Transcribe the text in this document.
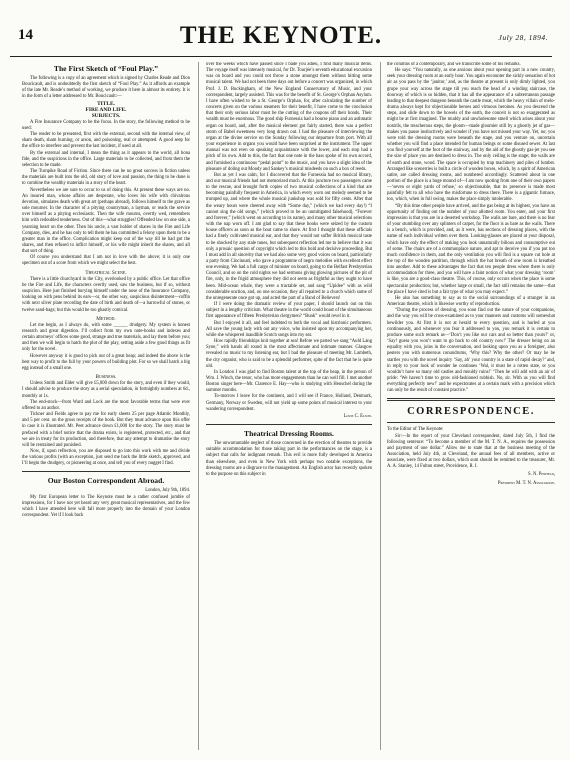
14	THE KEYNOTE.	July 28, 1894.
The First Sketch of “Foul Play.”

The following is a copy of an agreement which is signed by Charles Reade and Dion Boucicault, and is undoubtedly the first sketch of “Foul Play.” As it affords an example of the late Mr. Reade’s method of working, we produce it here in almost its entirety. It is in the form of a letter addressed to Mr. Boucicault:—

TITLE.
FIRE AND LIFE.
SUBJECTS.

A Fire Insurance Company to be the focus. In the story, the following method to be used:

The reader to be presented, first with the external, second with the internal view, of sham death, sham burning, or arson, and poisoning, real or attempted. A good seep for the office to interfere and prevent the last incident, if used at all.

By the external and internal, I mean the thing as it appears to the world, all bona fide, and the suspicions in the office. Large materials to be collected, and from them the selection to be made.

The Turnpike Road of Fiction. Since there can be no great success in fiction unless the materials are built into the old, old story of love and passion, the thing to be done is to combine the wealthy materials in a story of the heart.

Nevertheless we are sure to occur to us of doing this. At present these ways are no. An insured man, whose affairs are desperate, who loves his wife with chivalrous devotion, simulates death with great art (perhaps abroad), follows himself to the grave as sole mourner. In the character of a pitying countryman, a layman, or reads the service over himself as a pitying ecclesiastic. Then the wife mourns, overtly wed, remembers him with redoubled tenderness. Out of this—what struggles! Offended law on one side, a yearning heart on the other. Then his uncle, a vast holder of shares in the Fire and Life Company, dies, and he has only to tell them he has committed a felony upon them to be a greater man in the office. Complication might keep out of the way till he had got the shares, and then refused to inflict himself, or his wife might inherit the shares, and all that sort of thing.

Of course you understand that I am not in love with the above; it is only one specimen out of a score from which we might select the best.

Theatrical Scene.

There is a little churchyard in the City, overlooked by a public office. Let that office be the Fire and Life, the characters overtly used, saw the business, but if so, without suspicion. Here just finished burying himself under the nose of the Insurance Company, looking on with pens behind its ears—or, the other way, suspicious disinterment—coffin with next silver plate recording the date of birth and death of—a barrowful of stones, or twelve sand-bags; but this would be too ghastly comical.

Method.

Let me begin, as I always do, with some ______ drudgery. My system is honest research and great digestion. I’ll collect from my own note-books and indexes and certain attorneys’ offices some good, strange and true materials, and lay them before you; and then we will begin to hatch the plot of the play, setting aside a few good things as fit only for the novel.

However anyway it is good to pick out of a great heap; and indeed the above is the best way to profit to the full by your powers of building plot. For so we shall hatch a big egg instead of a small one.

Business.

Unless Smith and Elder will give £5,000 down for the story, and even if they would, I should advise to produce the story as a serial speculation, in fortnightly numbers at 6d., monthly at 1s.

The end-stock—from Ward and Lock are the most favorable terms that were ever offered to an author.

Tickner and Fields agree to pay me for early sheets 25 per page Atlantic Monthly, and 5 per cent. on the gross receipts of the book. But they must advance upon this offer in case it is illustrated. Mr. Peet advance down £1,000 for the story. The story must be prefaced with a brief notice that the drama exists, is registered, protected, etc., and that we are in treaty for its production, and therefore, that any attempt to dramatise the story will be restrained and punished.

Now, if, upon reflection, you are disposed to go into this work with me and divide the various profits (with an exception, just send me back the little sketch, approved, and I’ll begin the drudgery, or pioneering at once, and tell you of every nugget I find.

Our Boston Correspondent Abroad.
London, July 9th, 1894.

My first European letter to The Keynote must be a rather confused jumble of impressions, for I have not yet heard any very great musical representatives, and the few which I have attended here will fall more properly into the domain of your London correspondent. Yet if I look back

over the weeks which have passed since I bade you adieu, I find many musical items. The voyage itself was intensely musical, for Dr. Tourjée’s seventh educational excursion was on board and you could not throw a stone amongst them without hitting some musical talent. We had not been three days out before a concert was organized, in which Prof. J. D. Buckingham, of the New England Conservatory of Music, and your correspondent, largely assisted. This was for the benefit of St. George’s Orphan Asylum. I have often wished to be a St. George’s Orphan, for, after calculating the number of concerts given on the various steamers for their benefit, I have come to the conclusion that their only serious labor must be the cutting of the coupons off their bonds. Their wealth must be enormous. The good ship Furnessia had a bourse piano and an asthmatic organ on board, and, after the musical element got fairly started, there was a perfect storm of Babel sweetness very long drawn out. I had the pleasure of interviewing the organ at the divine service on the Sunday following our departure from port. With all your experience in organs you would have been surprised at the instrument. The upper manual was not even on speaking acquaintance with the lower, and each stop had a pitch of its own. Add to this, the fact that one note in the bass spoke of its own accord, and furnished a continuous “pedal point” to the music, and you have a slight idea of the pleasure of doling out Moody and Sankey’s musical misdeeds on such a box of reeds.

But as yet I was calm, for I discovered that the Furnessia had no musical library, and our musical friends had not memorized much. At this juncture two passengers came to the rescue, and brought forth copies of two musical collections of a kind that are becoming painfully frequent in America, in which every worn out melody seemed to be trumped up, and where the whole musical junkshop was sold for fifty cents. After that the weary hours were cheered away with “Some day,” (which we had every day!) “I cannot sing the old songs,” (which proved to be an unmitigated falsehood), “Forever and forever,” (which went on according to its name), and many other musical selections with the nap worn off. I am glad to say that these books were seized by the custom house officers as soon as the boat came to shore. At first I thought that these officials had a finely cultivated musical ear, and that they would not suffer British musical taste to be shocked by any stale tunes, but subsequent reflection led me to believe that it was only a prosaic question of copyright which led to this bold and decisive proceeding. But I must add in all sincerity that we had also some very good voices on board, particularly a party from Cincinnati, who gave a programme of negro melodies with excellent effect one evening. We had a full cargo of minister on board, going to the Belfast Presbyterian Council, and so on the cold nights we had sermons giving glowing pictures of the pit of fire, only, in the frigid atmosphere they did not seem as frightful as they ought to have been. Mid-ocean whale, they were a tractable set, and sang “Upidee” with as wild considerable unction, and, on one occasion, they all repaired to a church which some of the unregenerate once got up, and acted the part of a Band of Believers!

If I were doing the dramatic review of your paper, I should launch out on this subject in a lengthy criticism. What theatre in the world could boast of the simultaneous first appearance of fifteen Presbyterian clergymen? “Bunk” would revel in it.

But I enjoyed it all, and feel indebted to both the vocal and histrionic performers. All save the young lady with out any voice, who insisted upon my accompanying her, while she whispered inaudible Scotch songs into my ear.

How rapidly friendships knit together at sea! Before we parted we sang “Auld Lang Syne,” with hands all round in the most affectionate and intimate manner. Glasgow revealed no music to my listening ear, but I had the pleasure of meeting Mr. Lambeth, the city organist, who is said to be a splendid performer, spite of the fact that he is quite old.

In London I was glad to find Boston talent at the top of the heap, in the person of Wm. J. Winch, the tenor, who has more engagements than he can well fill. I met another Boston singer here—Mr. Clarence E. Hay—who is studying with Henschel during the summer months.

To-morrow I leave for the continent, and I will see if France, Holland, Denmark, Germany, Norway or Sweden, will not yield up some points of musical interest to your wandering correspondent.

Louis C. Elson.
Theatrical Dressing Rooms.

The unwarrantable neglect of those concerned in the erection of theatres to provide suitable accommodation for those taking part in the performances on the stage, is a subject that calls for indignant remark. This evil is more fully developed in America than elsewhere, and even in New York with perhaps two notable exceptions, the dressing rooms are a disgrace to the management. An English actor has recently spoken to the purpose on this subject in

the columns of a contemporary, and we transcribe some of his remarks.

He says: “You naturally, as one anxious about your opening part in a new country, seek your dressing room at an early hour. You again encounter the sickly sensation of hot air as you pass by the ‘janitor,’ and, as the theatre at present is only dimly lighted, you grope your way across the stage till you reach the head of a winding staircase, the doorway of which is so hidden, that it has all the appearance of a subterranean passage leading to that deepest dungeon beneath the castle moat, which the heavy villain of melo-drama always kept for objectionable heroes and virtuous heroines. As you descend the steps, and slide down to the bowels of the earth, the conceit is not so exaggerated as might be at first imagined. The muddy and unwholesome smell which arises about your nostrils, the treacherous steps, the gloom—made gloomier still by a ghostly jet of gas—makes you pause instinctively and wonder if you have not missed your way. Yet, no; you were told the dressing rooms were beneath the stage, and you venture on, uncertain whether you will find a place intended for human beings or some disused sewer. At last you find yourself at the foot of the stairway, and by the aid of the ghostly gas-jet you see the size of place you are destined to dress in. The only ceiling is the stage; the walls are of earth and stone, wood. The space is occupied by trap machinery and piles of lumber. Arranged like scenerries is built a circle of wooden boxes, which, by a spirit of American satire, are called dressing rooms, and numbered accordingly. Scattered about in one portion of the place is a huge mound of—I am now quoting from one of their own papers—‘seven or eight yards of refuse,’ so objectionable, that its presence is made most painfully felt to all who have the misfortune to dress there. There is a gigantic furnace, too, which, when in full swing, makes the place simply intolerable.

“By this time other people have arrived, and the gas being at its highest, you have an opportunity of finding out the number of your allotted room. You enter, and your first impression is that you are in a deserted workshop. The walls are bare, and there is no fear of your stumbling over any splinters of carpet, for the floor is as bare as the walls. There is a bench, which is provided, and, as it were, has sections of dressing places, with the name of each individual written over them. Looking-glasses are placed at your disposal, which have only the effect of making you look unnaturally bilious and consumptive out of some. The chairs are of a commonplace nature, and apt to deceive you if you put too much confidence in them, and the only ventilation you will find is a square cut hole at the top of the wooden partition, through which the hot breath of one room is breathed into another. Add to these advantages the fact that ten people dress where there is only accommodation for three, and you will have a faint notion of what your dressing ‘room’ is like, you are a good-class theatre. This, of course, only occurs when the place is some spectacular production; but, whether large or small, the fact still remains the same—that the place I have cited is but a fair type of what you may expect.”

He also has something to say as to the social surroundings of a stranger in an American theatre, which is likewise worthy of reproduction.

“During the process of dressing, you soon find out the nature of your companions, and the way you will be cross-examined as to your manners and customs will somewhat bewilder you. At first it is not at herald to every question, and is hurled at you continuously, and whenever you fear it addressed to you, you remark it is certain to produce some such remark as—‘Don’t you like our cars and so better than yours?’ or, ‘Say! guess you won’t want to go back to old country now!’ The dresser being on an equality with you, joins in the conversation, and looking upon you as a foreigner, also pesters you with numerous conundrums, ‘Why this? Why the other? Or may he be startles you with the novel inquiry ‘Say, ah’ your country is a state of rapid decay?’ and, in reply to your look of wonder he continues ‘Wal, it must be a rotten state, or you wouldn’t have so many old castles and mouldy ruins!’ ‘Then he will add with an air of pride: ‘We haven’t time to grow old-fashioned rubbish. No, sir. With us you will find everything perfectly new!’ and he expectorates at a certain mark with a precision which can only be the result of constant practice.”

CORRESPONDENCE.

To the Editor of The Keynote:

Sir:—In the report of your Cleveland correspondent, dated July 5th, I find the following sentence: “To become a member of the M. T. N. A., requires the possession and payment of one dollar.” Allow me to state that at the business meeting of the Association, held July 4th, at Cleveland, the annual fees of all members, active or associate, were fixed at two dollars, which sum should be remitted to the treasurer, Mr. A. A. Stanley, 14 Fulton street, Providence, R. I.

S. N. Penfield,
President M. T. N. Association.
